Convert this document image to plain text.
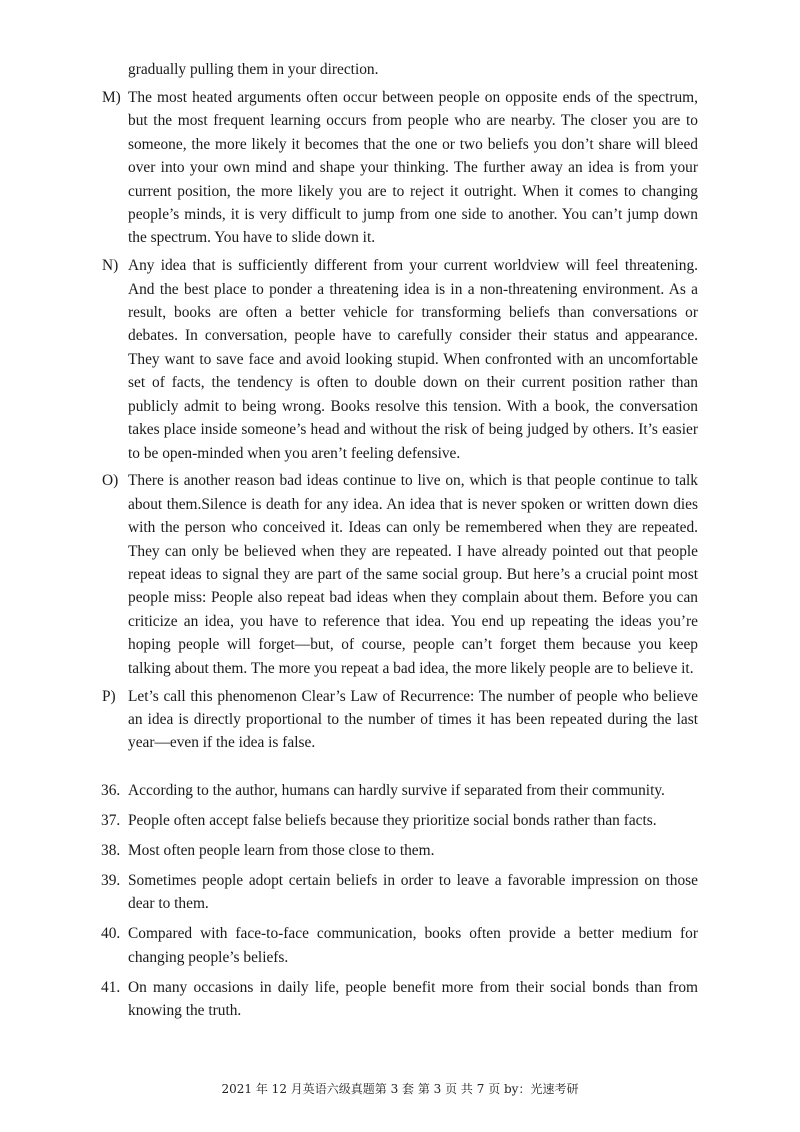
gradually pulling them in your direction.
M) The most heated arguments often occur between people on opposite ends of the spectrum, but the most frequent learning occurs from people who are nearby. The closer you are to someone, the more likely it becomes that the one or two beliefs you don’t share will bleed over into your own mind and shape your thinking. The further away an idea is from your current position, the more likely you are to reject it outright. When it comes to changing people’s minds, it is very difficult to jump from one side to another. You can’t jump down the spectrum. You have to slide down it.
N) Any idea that is sufficiently different from your current worldview will feel threatening. And the best place to ponder a threatening idea is in a non-threatening environment. As a result, books are often a better vehicle for transforming beliefs than conversations or debates. In conversation, people have to carefully consider their status and appearance. They want to save face and avoid looking stupid. When confronted with an uncomfortable set of facts, the tendency is often to double down on their current position rather than publicly admit to being wrong. Books resolve this tension. With a book, the conversation takes place inside someone’s head and without the risk of being judged by others. It’s easier to be open-minded when you aren’t feeling defensive.
O) There is another reason bad ideas continue to live on, which is that people continue to talk about them.Silence is death for any idea. An idea that is never spoken or written down dies with the person who conceived it. Ideas can only be remembered when they are repeated. They can only be believed when they are repeated. I have already pointed out that people repeat ideas to signal they are part of the same social group. But here’s a crucial point most people miss: People also repeat bad ideas when they complain about them. Before you can criticize an idea, you have to reference that idea. You end up repeating the ideas you’re hoping people will forget—but, of course, people can’t forget them because you keep talking about them. The more you repeat a bad idea, the more likely people are to believe it.
P) Let’s call this phenomenon Clear’s Law of Recurrence: The number of people who believe an idea is directly proportional to the number of times it has been repeated during the last year—even if the idea is false.
36. According to the author, humans can hardly survive if separated from their community.
37. People often accept false beliefs because they prioritize social bonds rather than facts.
38. Most often people learn from those close to them.
39. Sometimes people adopt certain beliefs in order to leave a favorable impression on those dear to them.
40. Compared with face-to-face communication, books often provide a better medium for changing people’s beliefs.
41. On many occasions in daily life, people benefit more from their social bonds than from knowing the truth.
2021 年 12 月英语六级真题第 3 套 第 3 页 共 7 页 by：光速考研
